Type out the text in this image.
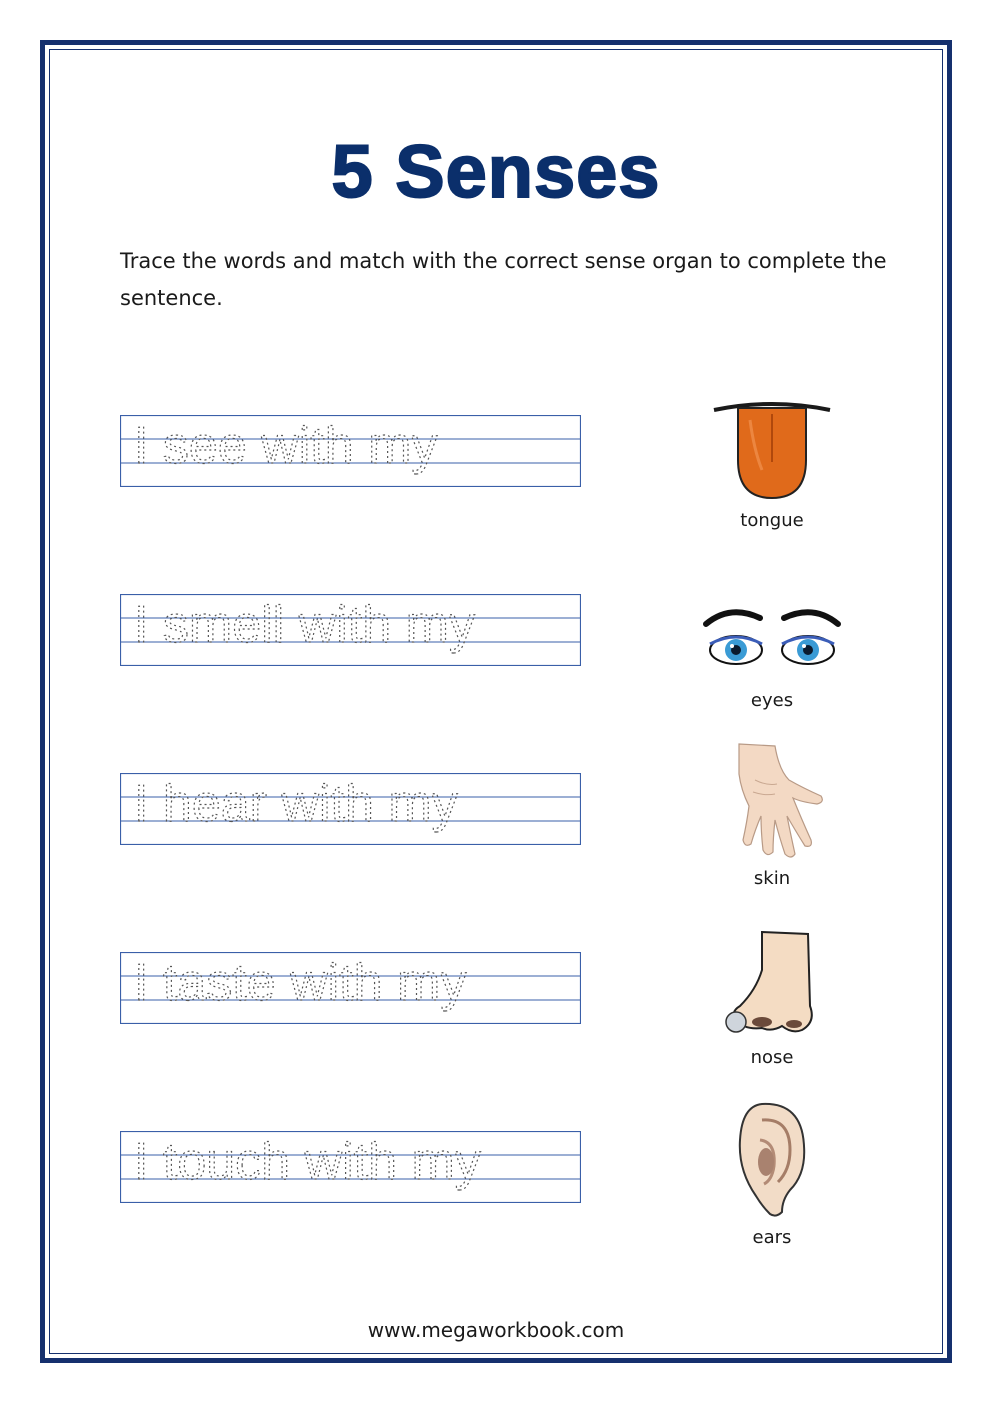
5 Senses
Trace the words and match with the correct sense organ to complete the sentence.
I see with my
I smell with my
I hear with my
I taste with my
I touch with my
tongue
eyes
skin
nose
ears
www.megaworkbook.com
